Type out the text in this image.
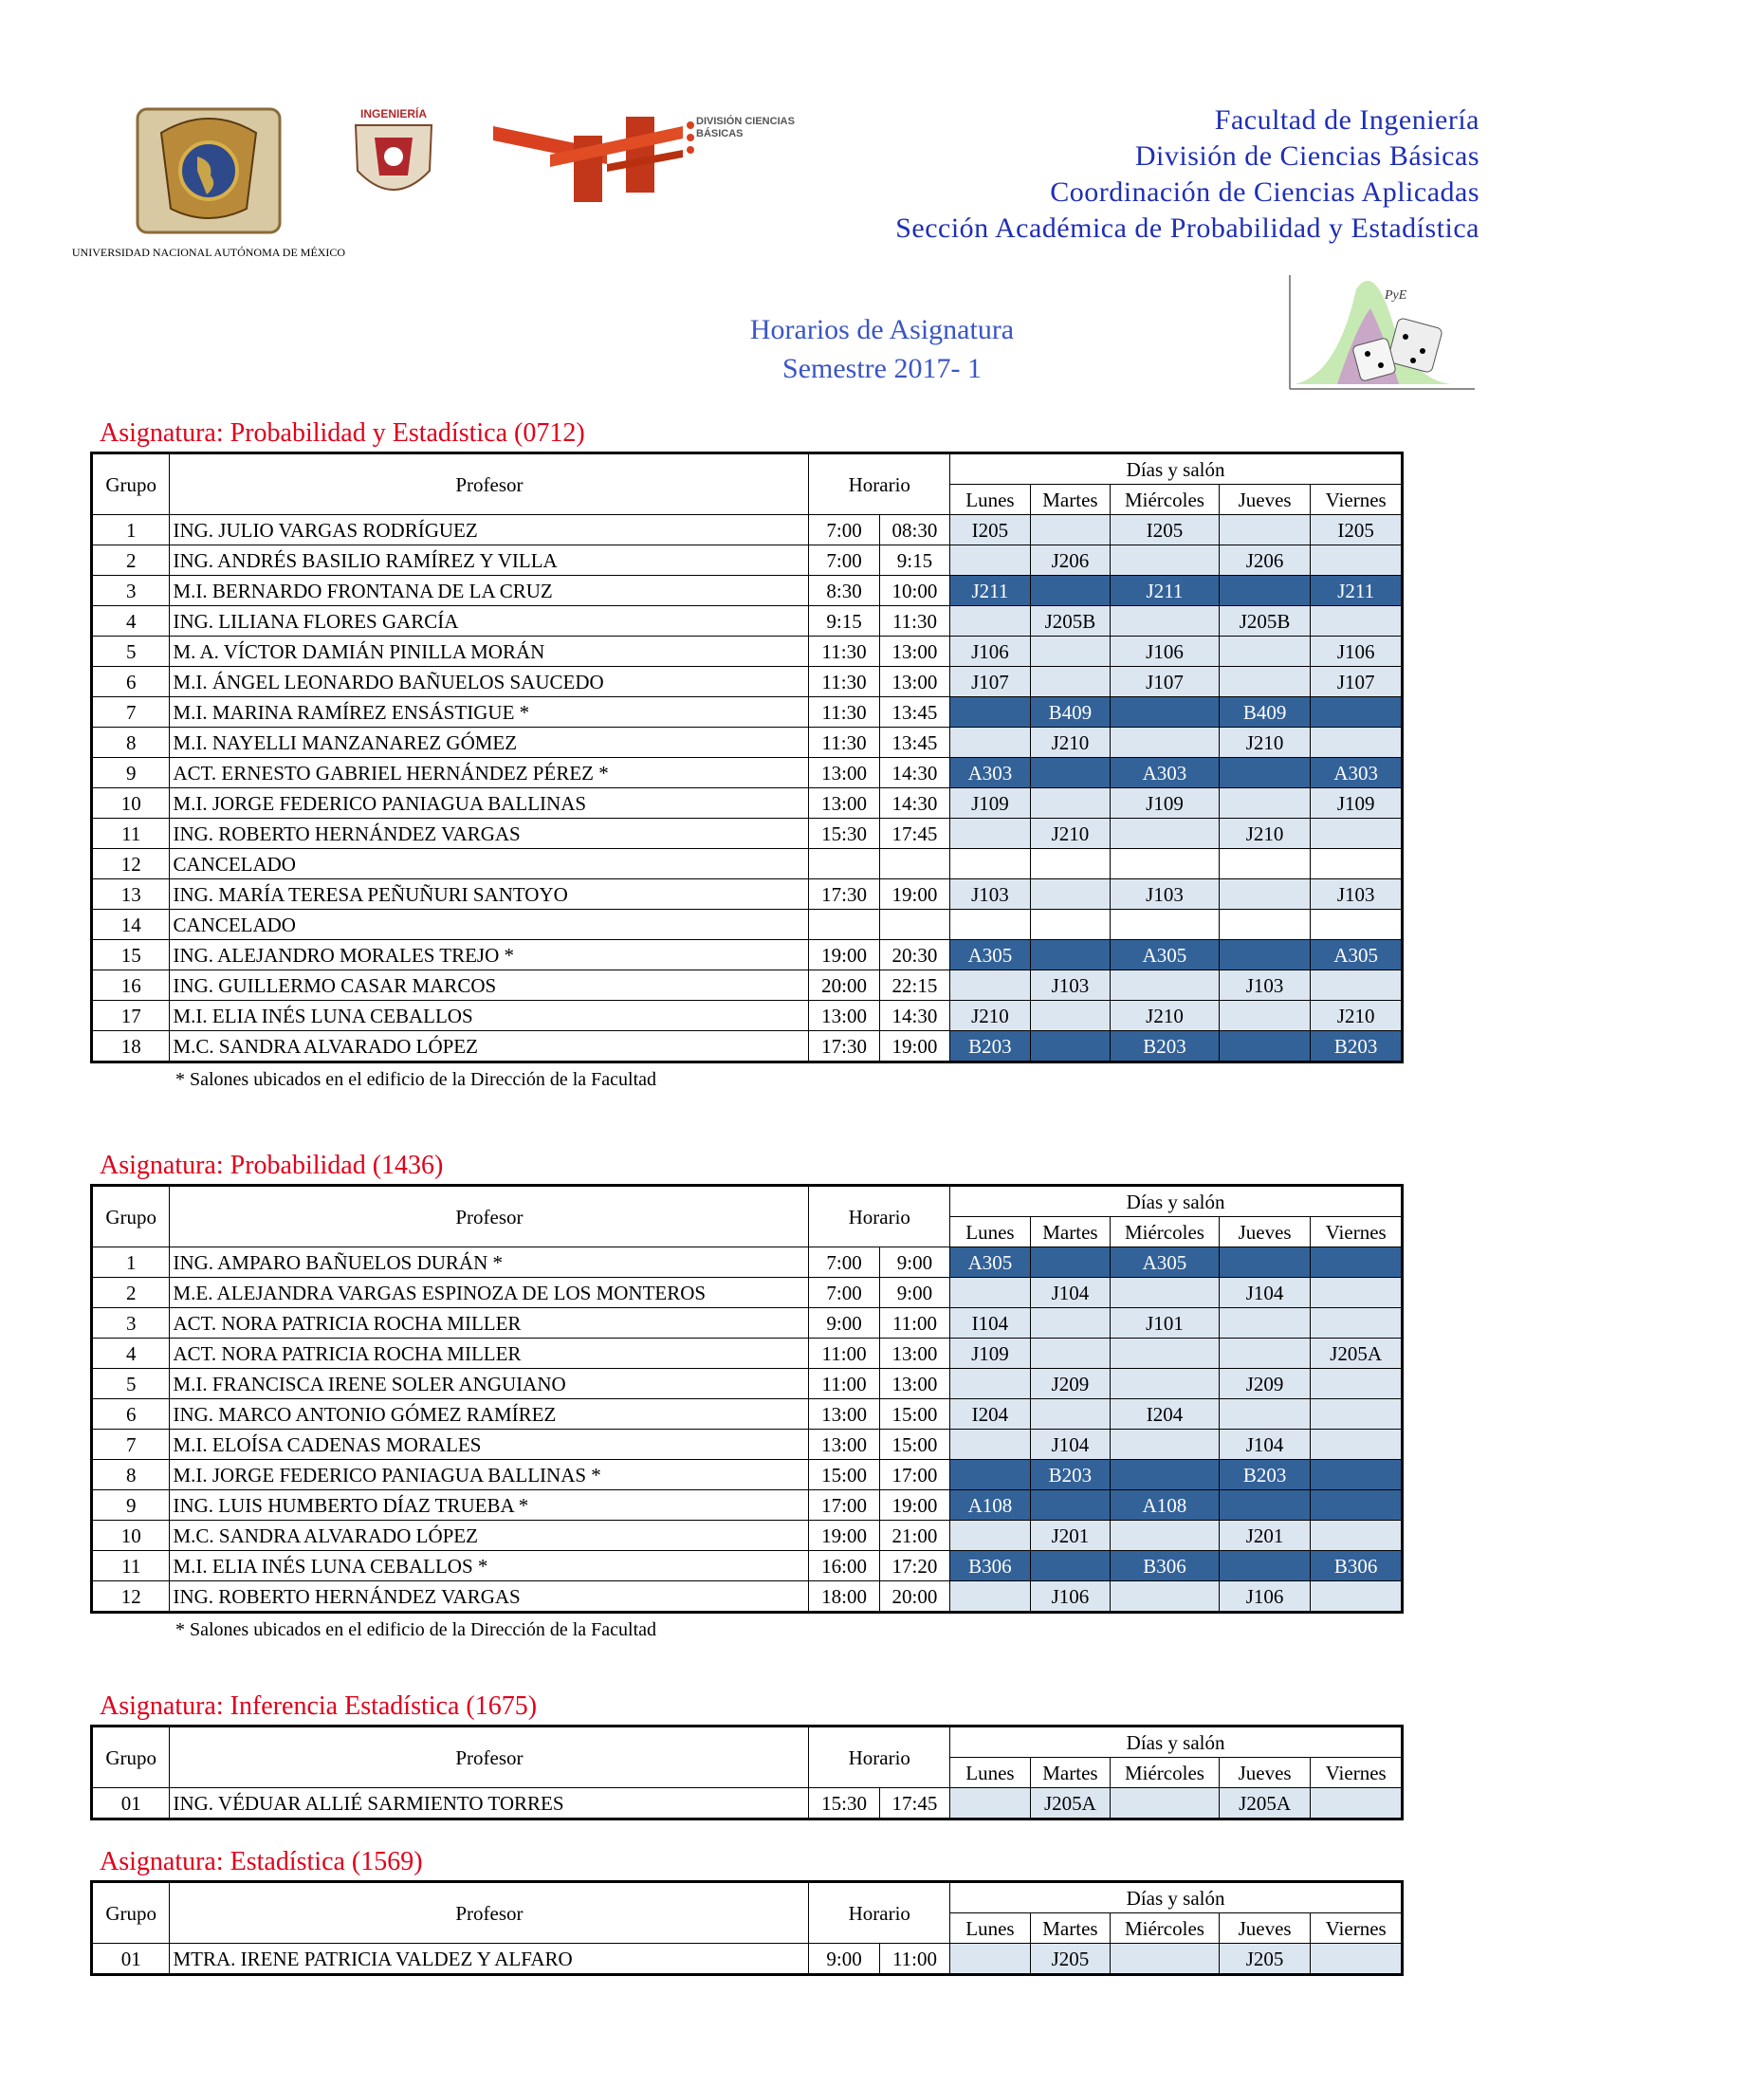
Facultad de Ingeniería
División de Ciencias Básicas
Coordinación de Ciencias Aplicadas
Sección Académica de Probabilidad y Estadística
UNIVERSIDAD NACIONAL AUTÓNOMA DE MÉXICO
INGENIERÍA
DIVISIÓN CIENCIAS BÁSICAS
PyE
Horarios de Asignatura
Semestre 2017- 1
Asignatura: Probabilidad y Estadística (0712)
Grupo	Profesor	Horario		Días y salón				
				Lunes	Martes	Miércoles	Jueves	Viernes
1	ING. JULIO VARGAS RODRÍGUEZ	7:00	08:30	I205		I205		I205
2	ING. ANDRÉS BASILIO RAMÍREZ Y VILLA	7:00	9:15		J206		J206	
3	M.I. BERNARDO FRONTANA DE LA CRUZ	8:30	10:00	J211		J211		J211
4	ING. LILIANA FLORES GARCÍA	9:15	11:30		J205B		J205B	
5	M. A. VÍCTOR DAMIÁN PINILLA MORÁN	11:30	13:00	J106		J106		J106
6	M.I. ÁNGEL LEONARDO BAÑUELOS SAUCEDO	11:30	13:00	J107		J107		J107
7	M.I. MARINA RAMÍREZ ENSÁSTIGUE *	11:30	13:45		B409		B409	
8	M.I. NAYELLI MANZANAREZ GÓMEZ	11:30	13:45		J210		J210	
9	ACT. ERNESTO GABRIEL HERNÁNDEZ PÉREZ *	13:00	14:30	A303		A303		A303
10	M.I. JORGE FEDERICO PANIAGUA BALLINAS	13:00	14:30	J109		J109		J109
11	ING. ROBERTO HERNÁNDEZ VARGAS	15:30	17:45		J210		J210	
12	CANCELADO							
13	ING. MARÍA TERESA PEÑUÑURI SANTOYO	17:30	19:00	J103		J103		J103
14	CANCELADO							
15	ING. ALEJANDRO MORALES TREJO *	19:00	20:30	A305		A305		A305
16	ING. GUILLERMO CASAR MARCOS	20:00	22:15		J103		J103	
17	M.I. ELIA INÉS LUNA CEBALLOS	13:00	14:30	J210		J210		J210
18	M.C. SANDRA ALVARADO LÓPEZ	17:30	19:00	B203		B203		B203
* Salones ubicados en el edificio de la Dirección de la Facultad
Asignatura: Probabilidad (1436)
Grupo	Profesor	Horario		Días y salón				
				Lunes	Martes	Miércoles	Jueves	Viernes
1	ING. AMPARO BAÑUELOS DURÁN *	7:00	9:00	A305		A305		
2	M.E. ALEJANDRA VARGAS ESPINOZA DE LOS MONTEROS	7:00	9:00		J104		J104	
3	ACT. NORA PATRICIA ROCHA MILLER	9:00	11:00	I104		J101		
4	ACT. NORA PATRICIA ROCHA MILLER	11:00	13:00	J109				J205A
5	M.I. FRANCISCA IRENE SOLER ANGUIANO	11:00	13:00		J209		J209	
6	ING. MARCO ANTONIO GÓMEZ RAMÍREZ	13:00	15:00	I204		I204		
7	M.I. ELOÍSA CADENAS MORALES	13:00	15:00		J104		J104	
8	M.I. JORGE FEDERICO PANIAGUA BALLINAS *	15:00	17:00		B203		B203	
9	ING. LUIS HUMBERTO DÍAZ TRUEBA *	17:00	19:00	A108		A108		
10	M.C. SANDRA ALVARADO LÓPEZ	19:00	21:00		J201		J201	
11	M.I. ELIA INÉS LUNA CEBALLOS *	16:00	17:20	B306		B306		B306
12	ING. ROBERTO HERNÁNDEZ VARGAS	18:00	20:00		J106		J106	
* Salones ubicados en el edificio de la Dirección de la Facultad
Asignatura: Inferencia Estadística (1675)
Grupo	Profesor	Horario		Días y salón				
				Lunes	Martes	Miércoles	Jueves	Viernes
01	ING. VÉDUAR ALLIÉ SARMIENTO TORRES	15:30	17:45		J205A		J205A	
Asignatura: Estadística (1569)
Grupo	Profesor	Horario		Días y salón				
				Lunes	Martes	Miércoles	Jueves	Viernes
01	MTRA. IRENE PATRICIA VALDEZ Y ALFARO	9:00	11:00		J205		J205	
